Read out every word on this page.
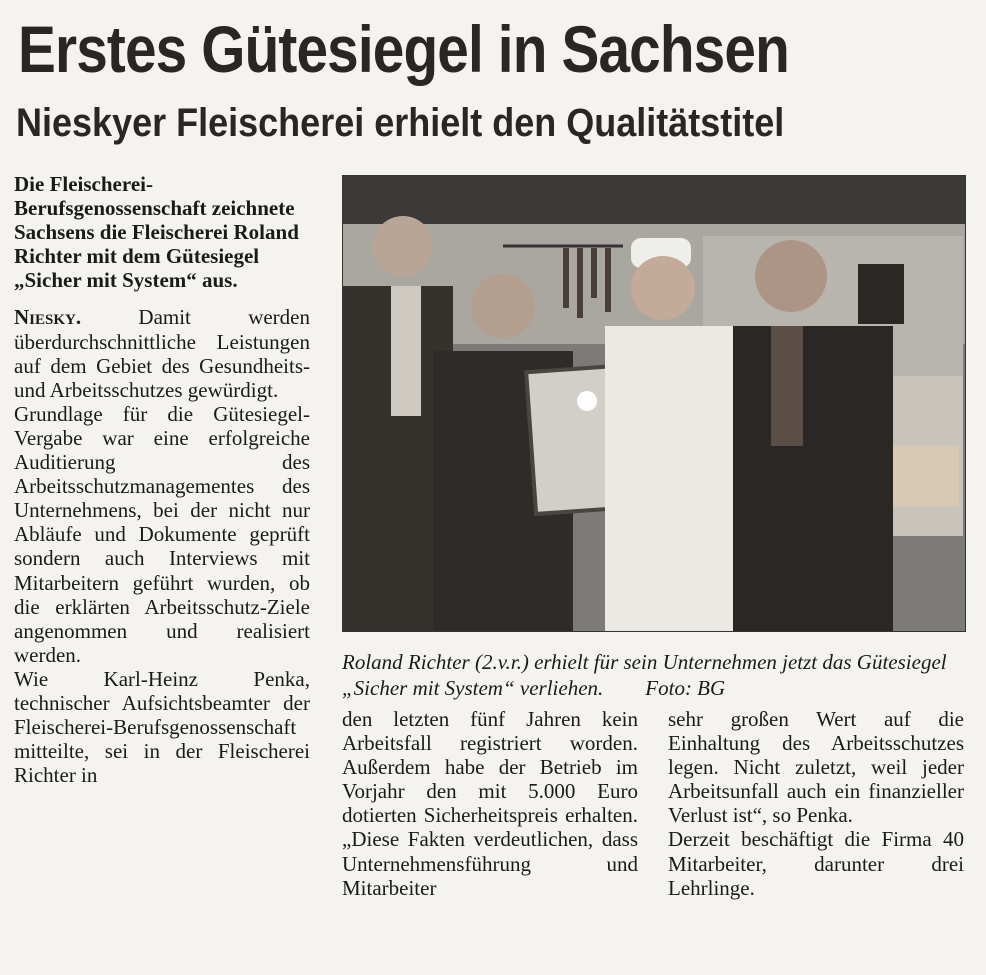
Erstes Gütesiegel in Sachsen
Nieskyer Fleischerei erhielt den Qualitätstitel

Die Fleischerei-Berufsgenossenschaft zeichnete Sachsens die Fleischerei Roland Richter mit dem Gütesiegel „Sicher mit System“ aus.

Niesky. Damit werden überdurchschnittliche Leistungen auf dem Gebiet des Gesundheits- und Arbeitsschutzes gewürdigt.

Grundlage für die Gütesiegel-Vergabe war eine erfolgreiche Auditierung des Arbeitsschutzmanagementes des Unternehmens, bei der nicht nur Abläufe und Dokumente geprüft sondern auch Interviews mit Mitarbeitern geführt wurden, ob die erklärten Arbeitsschutz-Ziele angenommen und realisiert werden.

Wie Karl-Heinz Penka, technischer Aufsichtsbeamter der Fleischerei-Berufsgenossenschaft mitteilte, sei in der Fleischerei Richter in

Roland Richter (2.v.r.) erhielt für sein Unternehmen jetzt das Gütesiegel „Sicher mit System“ verliehen. Foto: BG

den letzten fünf Jahren kein Arbeitsfall registriert worden. Außerdem habe der Betrieb im Vorjahr den mit 5.000 Euro dotierten Sicherheitspreis erhalten. „Diese Fakten verdeutlichen, dass Unternehmensführung und Mitarbeiter

sehr großen Wert auf die Einhaltung des Arbeitsschutzes legen. Nicht zuletzt, weil jeder Arbeitsunfall auch ein finanzieller Verlust ist“, so Penka.

Derzeit beschäftigt die Firma 40 Mitarbeiter, darunter drei Lehrlinge.
